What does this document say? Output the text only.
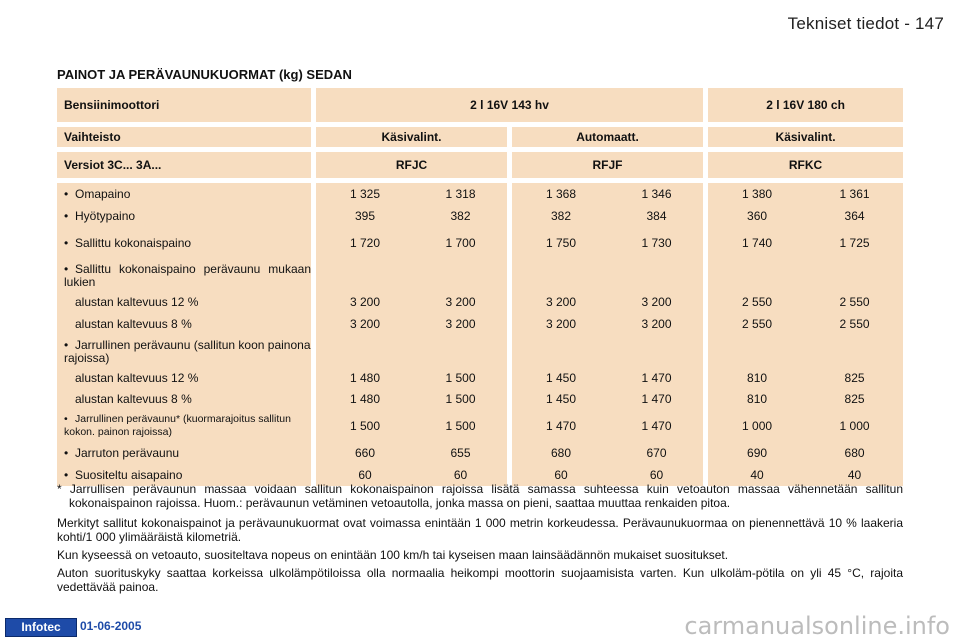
Tekniset tiedot - 147
PAINOT JA PERÄVAUNUKUORMAT (kg) SEDAN
Bensiinimoottori	2 l 16V 143 hv				2 l 16V 180 ch	
Vaihteisto	Käsivalint.		Automaatt.		Käsivalint.	
Versiot 3C... 3A...	RFJC		RFJF		RFKC	
• Omapaino	1 325	1 318	1 368	1 346	1 380	1 361
• Hyötypaino	395	382	382	384	360	364
• Sallittu kokonaispaino	1 720	1 700	1 750	1 730	1 740	1 725
• Sallittu kokonaispaino perävaunu mukaan lukien						
alustan kaltevuus 12 %	3 200	3 200	3 200	3 200	2 550	2 550
alustan kaltevuus 8 %	3 200	3 200	3 200	3 200	2 550	2 550
• Jarrullinen perävaunu (sallitun koon painona rajoissa)						
alustan kaltevuus 12 %	1 480	1 500	1 450	1 470	810	825
alustan kaltevuus 8 %	1 480	1 500	1 450	1 470	810	825
• Jarrullinen perävaunu* (kuormarajoitus sallitun kokon. painon rajoissa)	1 500	1 500	1 470	1 470	1 000	1 000
• Jarruton perävaunu	660	655	680	670	690	680
• Suositeltu aisapaino	60	60	60	60	40	40

* Jarrullisen perävaunun massaa voidaan sallitun kokonaispainon rajoissa lisätä samassa suhteessa kuin vetoauton massaa vähennetään sallitun kokonaispainon rajoissa. Huom.: perävaunun vetäminen vetoautolla, jonka massa on pieni, saattaa muuttaa renkaiden pitoa.

Merkityt sallitut kokonaispainot ja perävaunukuormat ovat voimassa enintään 1 000 metrin korkeudessa. Perävaunukuormaa on pienennettävä 10 % laakeria kohti/1 000 ylimääräistä kilometriä.

Kun kyseessä on vetoauto, suositeltava nopeus on enintään 100 km/h tai kyseisen maan lainsäädännön mukaiset suositukset.

Auton suorituskyky saattaa korkeissa ulkolämpötiloissa olla normaalia heikompi moottorin suojaamisista varten. Kun ulkoläm-pötila on yli 45 °C, rajoita vedettävää painoa.

Infotec	01-06-2005	carmanualsonline.info
